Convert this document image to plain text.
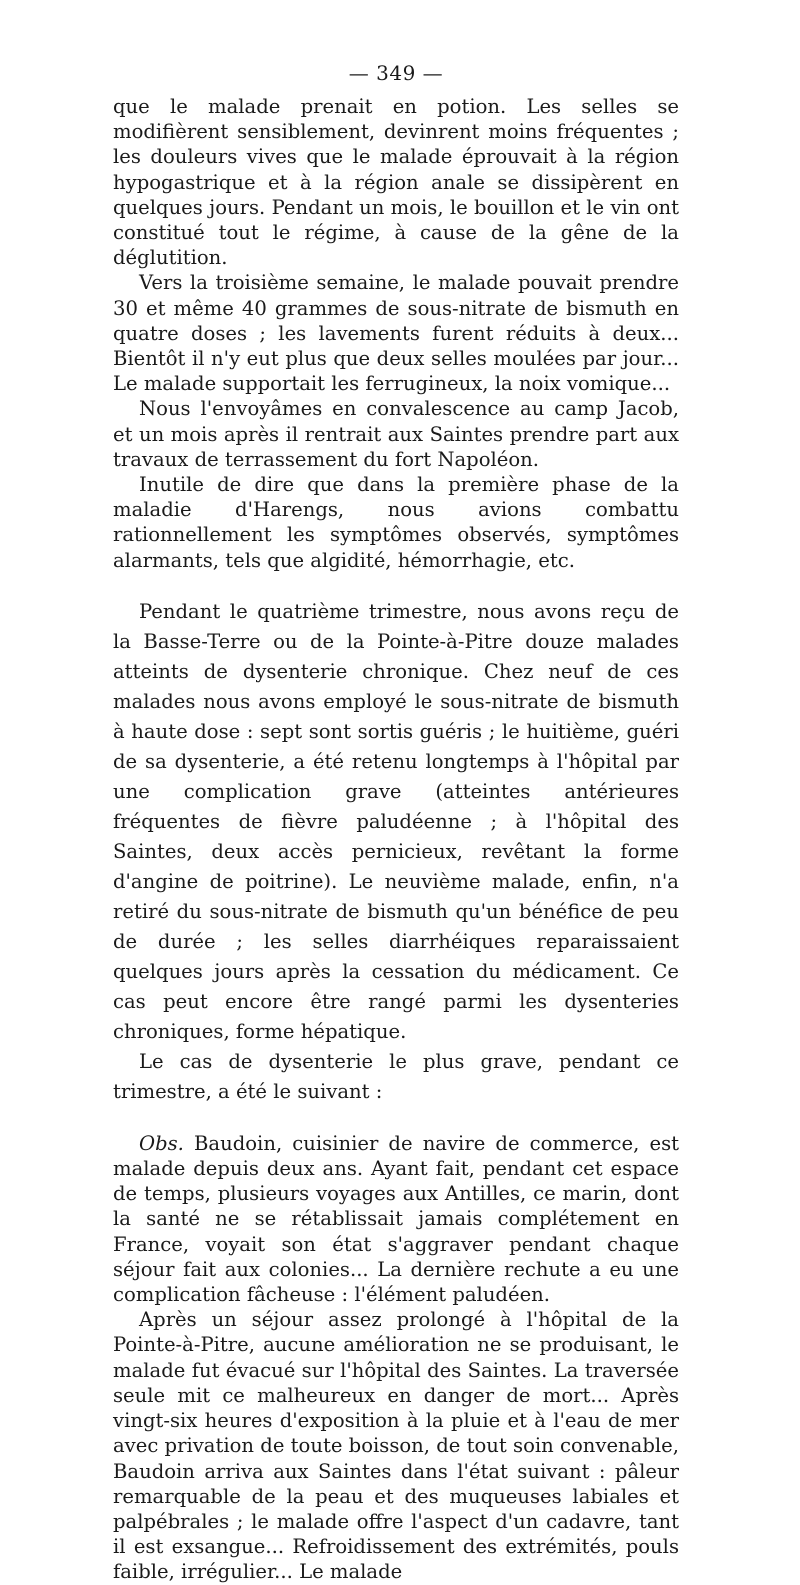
— 349 —

que le malade prenait en potion. Les selles se modifièrent sensiblement, devinrent moins fréquentes ; les douleurs vives que le malade éprouvait à la région hypogastrique et à la région anale se dissipèrent en quelques jours. Pendant un mois, le bouillon et le vin ont constitué tout le régime, à cause de la gêne de la déglutition.

Vers la troisième semaine, le malade pouvait prendre 30 et même 40 grammes de sous-nitrate de bismuth en quatre doses ; les lavements furent réduits à deux... Bientôt il n'y eut plus que deux selles moulées par jour... Le malade supportait les ferrugineux, la noix vomique...

Nous l'envoyâmes en convalescence au camp Jacob, et un mois après il rentrait aux Saintes prendre part aux travaux de terrassement du fort Napoléon.

Inutile de dire que dans la première phase de la maladie d'Harengs, nous avions combattu rationnellement les symptômes observés, symptômes alarmants, tels que algidité, hémorrhagie, etc.

Pendant le quatrième trimestre, nous avons reçu de la Basse-Terre ou de la Pointe-à-Pitre douze malades atteints de dysenterie chronique. Chez neuf de ces malades nous avons employé le sous-nitrate de bismuth à haute dose : sept sont sortis guéris ; le huitième, guéri de sa dysenterie, a été retenu longtemps à l'hôpital par une complication grave (atteintes antérieures fréquentes de fièvre paludéenne ; à l'hôpital des Saintes, deux accès pernicieux, revêtant la forme d'angine de poitrine). Le neuvième malade, enfin, n'a retiré du sous-nitrate de bismuth qu'un bénéfice de peu de durée ; les selles diarrhéiques reparaissaient quelques jours après la cessation du médicament. Ce cas peut encore être rangé parmi les dysenteries chroniques, forme hépatique.

Le cas de dysenterie le plus grave, pendant ce trimestre, a été le suivant :

Obs. Baudoin, cuisinier de navire de commerce, est malade depuis deux ans. Ayant fait, pendant cet espace de temps, plusieurs voyages aux Antilles, ce marin, dont la santé ne se rétablissait jamais complétement en France, voyait son état s'aggraver pendant chaque séjour fait aux colonies... La dernière rechute a eu une complication fâcheuse : l'élément paludéen.

Après un séjour assez prolongé à l'hôpital de la Pointe-à-Pitre, aucune amélioration ne se produisant, le malade fut évacué sur l'hôpital des Saintes. La traversée seule mit ce malheureux en danger de mort... Après vingt-six heures d'exposition à la pluie et à l'eau de mer avec privation de toute boisson, de tout soin convenable, Baudoin arriva aux Saintes dans l'état suivant : pâleur remarquable de la peau et des muqueuses labiales et palpébrales ; le malade offre l'aspect d'un cadavre, tant il est exsangue... Refroidissement des extrémités, pouls faible, irrégulier... Le malade
